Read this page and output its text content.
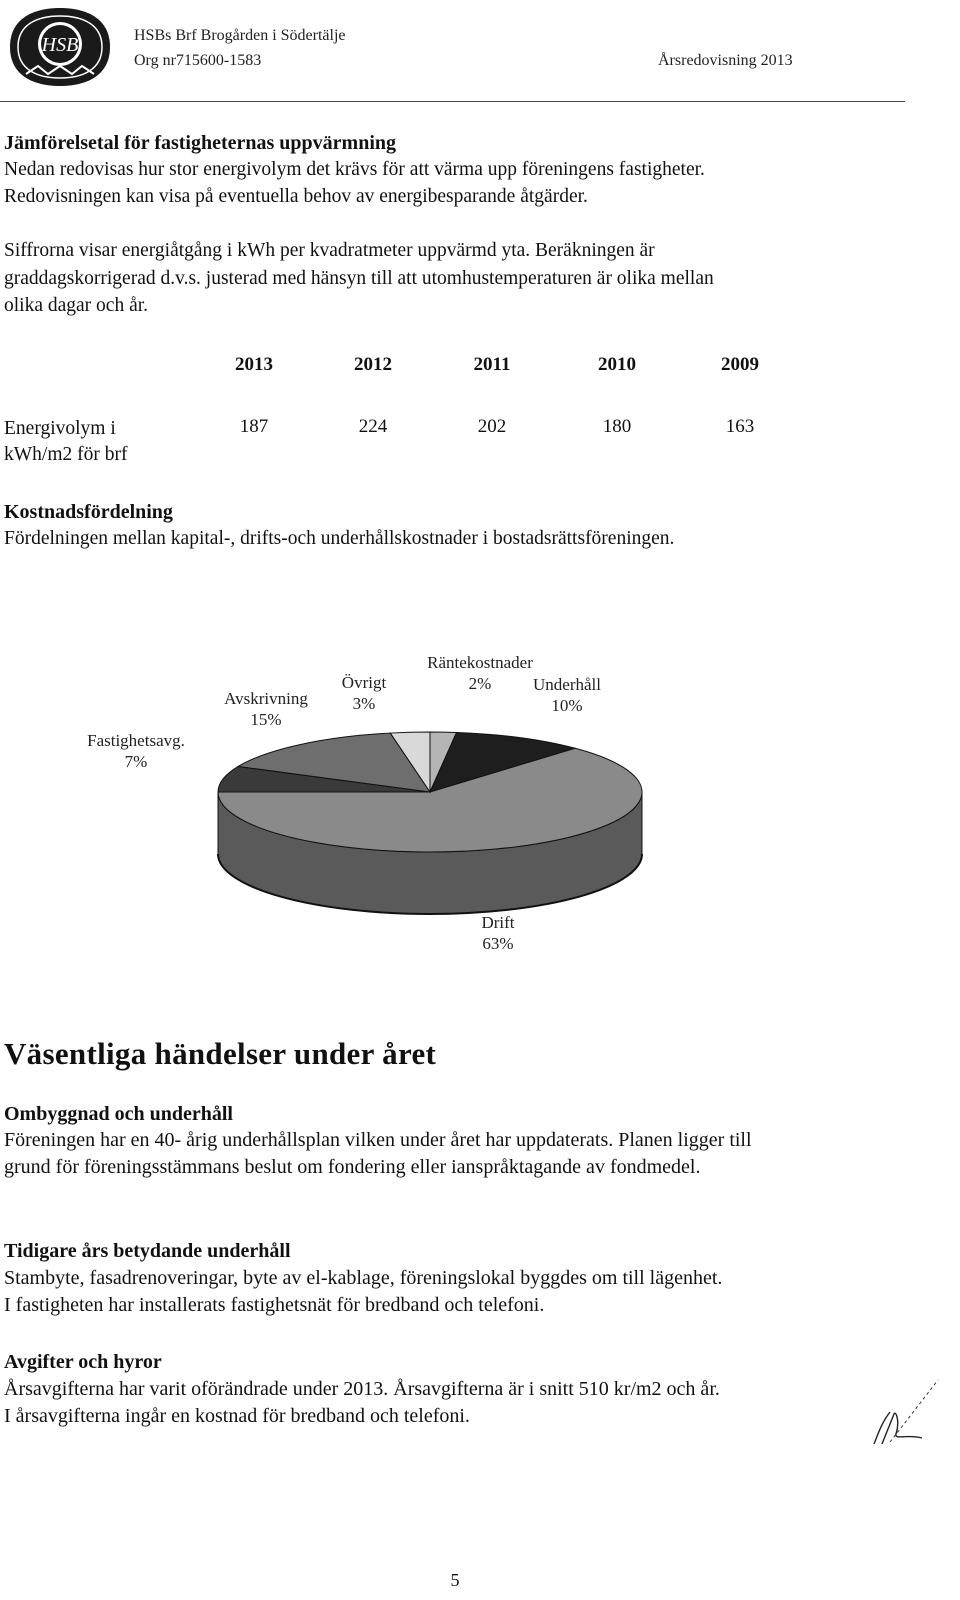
HSB	HSBs Brf Brogården i Södertälje
Org nr715600-1583	Årsredovisning 2013
Jämförelsetal för fastigheternas uppvärmning
Nedan redovisas hur stor energivolym det krävs för att värma upp föreningens fastigheter.
Redovisningen kan visa på eventuella behov av energibesparande åtgärder.
Siffrorna visar energiåtgång i kWh per kvadratmeter uppvärmd yta. Beräkningen är
graddagskorrigerad d.v.s. justerad med hänsyn till att utomhustemperaturen är olika mellan
olika dagar och år.
2013	2012	2011	2010	2009
Energivolym i
kWh/m2 för brf
187	224	202	180	163
Kostnadsfördelning
Fördelningen mellan kapital-, drifts-och underhållskostnader i bostadsrättsföreningen.
Fastighetsavg.
7%
Avskrivning
15%
Övrigt
3%
Räntekostnader
2%	Underhåll
10%
Drift
63%
Väsentliga händelser under året
Ombyggnad och underhåll
Föreningen har en 40- årig underhållsplan vilken under året har uppdaterats. Planen ligger till
grund för föreningsstämmans beslut om fondering eller ianspråktagande av fondmedel.
Tidigare års betydande underhåll
Stambyte, fasadrenoveringar, byte av el-kablage, föreningslokal byggdes om till lägenhet.
I fastigheten har installerats fastighetsnät för bredband och telefoni.
Avgifter och hyror
Årsavgifterna har varit oförändrade under 2013. Årsavgifterna är i snitt 510 kr/m2 och år.
I årsavgifterna ingår en kostnad för bredband och telefoni.
5
